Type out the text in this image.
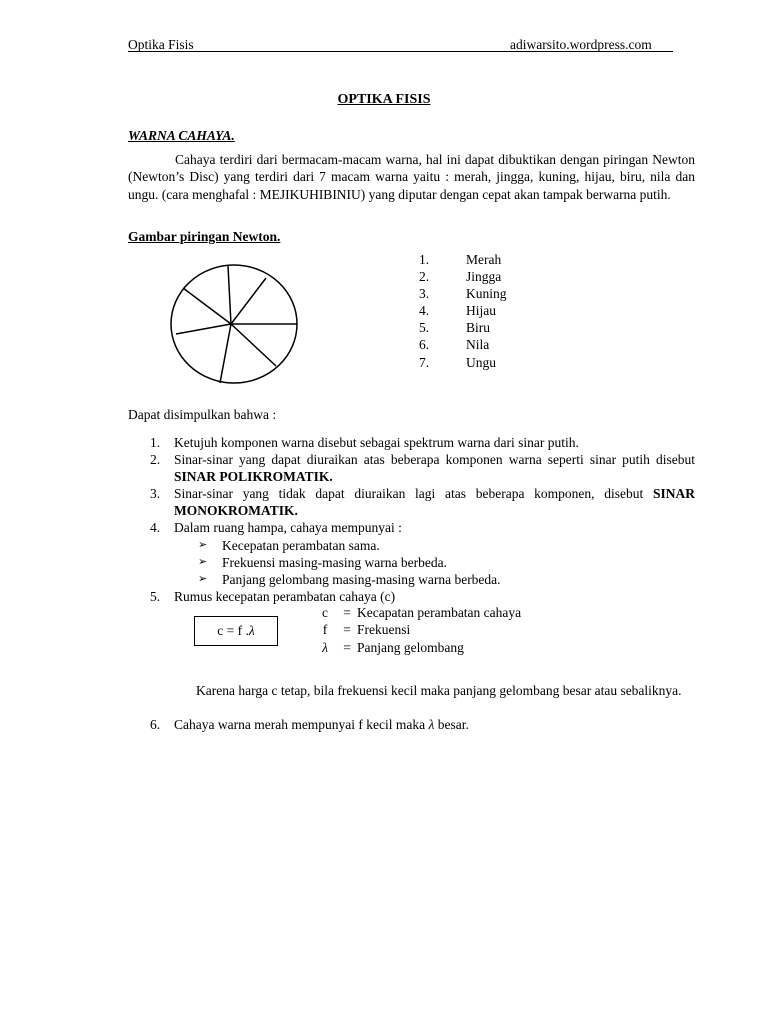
Optika Fisis	adiwarsito.wordpress.com
OPTIKA FISIS
WARNA CAHAYA.
Cahaya terdiri dari bermacam-macam warna, hal ini dapat dibuktikan dengan piringan Newton (Newton’s Disc) yang terdiri dari 7 macam warna yaitu : merah, jingga, kuning, hijau, biru, nila dan ungu. (cara menghafal : MEJIKUHIBINIU) yang diputar dengan cepat akan tampak berwarna putih.
Gambar piringan Newton.
1.	Merah
2.	Jingga
3.	Kuning
4.	Hijau
5.	Biru
6.	Nila
7.	Ungu
Dapat disimpulkan bahwa :
1.	Ketujuh komponen warna disebut sebagai spektrum warna dari sinar putih.
2.	Sinar-sinar yang dapat diuraikan atas beberapa komponen warna seperti sinar putih disebut SINAR POLIKROMATIK.
3.	Sinar-sinar yang tidak dapat diuraikan lagi atas beberapa komponen, disebut SINAR MONOKROMATIK.
4.	Dalam ruang hampa, cahaya mempunyai :
➢	Kecepatan perambatan sama.
➢	Frekuensi masing-masing warna berbeda.
➢	Panjang gelombang masing-masing warna berbeda.
5.	Rumus kecepatan perambatan cahaya (c)
c = f . λ
c	= Kecapatan perambatan cahaya
f	= Frekuensi
λ	= Panjang gelombang
Karena harga c tetap, bila frekuensi kecil maka panjang gelombang besar atau sebaliknya.
6.	Cahaya warna merah mempunyai f kecil maka λ besar.
